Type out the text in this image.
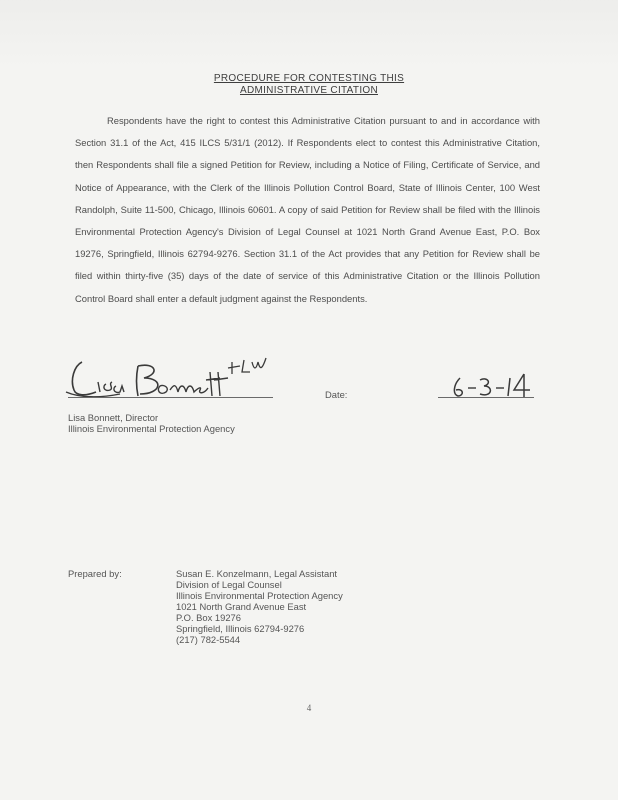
PROCEDURE FOR CONTESTING THIS
ADMINISTRATIVE CITATION

Respondents have the right to contest this Administrative Citation pursuant to and in accordance with Section 31.1 of the Act, 415 ILCS 5/31/1 (2012). If Respondents elect to contest this Administrative Citation, then Respondents shall file a signed Petition for Review, including a Notice of Filing, Certificate of Service, and Notice of Appearance, with the Clerk of the Illinois Pollution Control Board, State of Illinois Center, 100 West Randolph, Suite 11-500, Chicago, Illinois 60601. A copy of said Petition for Review shall be filed with the Illinois Environmental Protection Agency's Division of Legal Counsel at 1021 North Grand Avenue East, P.O. Box 19276, Springfield, Illinois 62794-9276. Section 31.1 of the Act provides that any Petition for Review shall be filed within thirty-five (35) days of the date of service of this Administrative Citation or the Illinois Pollution Control Board shall enter a default judgment against the Respondents.

Date:
Lisa Bonnett, Director
Illinois Environmental Protection Agency
Prepared by:	Susan E. Konzelmann, Legal Assistant
Division of Legal Counsel
Illinois Environmental Protection Agency
1021 North Grand Avenue East
P.O. Box 19276
Springfield, Illinois 62794-9276
(217) 782-5544
4
